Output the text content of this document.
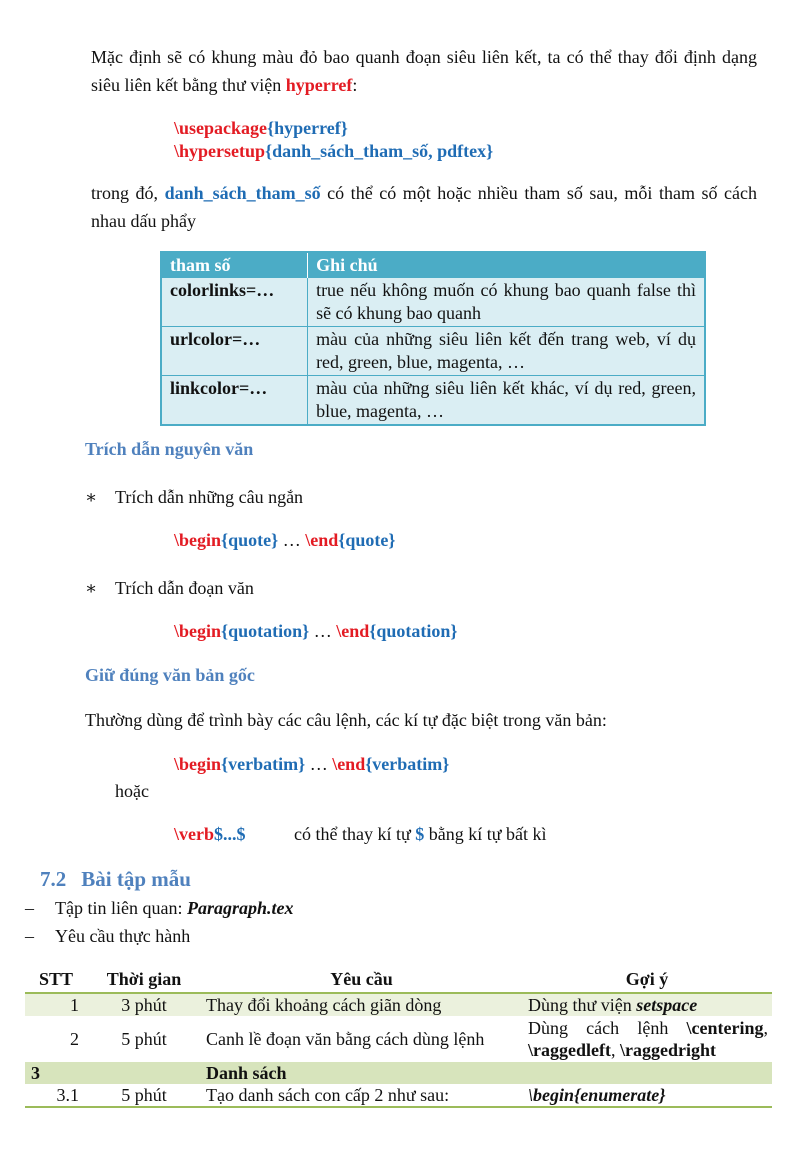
Mặc định sẽ có khung màu đỏ bao quanh đoạn siêu liên kết, ta có thể thay đổi định dạng siêu liên kết bằng thư viện hyperref:
\usepackage{hyperref}
\hypersetup{danh_sách_tham_số, pdftex}
trong đó, danh_sách_tham_số có thể có một hoặc nhiều tham số sau, mỗi tham số cách nhau dấu phẩy
tham số	Ghi chú
colorlinks=…	true nếu không muốn có khung bao quanh false thì sẽ có khung bao quanh
urlcolor=…	màu của những siêu liên kết đến trang web, ví dụ red, green, blue, magenta, …
linkcolor=…	màu của những siêu liên kết khác, ví dụ red, green, blue, magenta, …
Trích dẫn nguyên văn
∗ Trích dẫn những câu ngắn
\begin{quote} … \end{quote}
∗ Trích dẫn đoạn văn
\begin{quotation} … \end{quotation}
Giữ đúng văn bản gốc
Thường dùng để trình bày các câu lệnh, các kí tự đặc biệt trong văn bản:
\begin{verbatim} … \end{verbatim}
hoặc
\verb$...$	có thể thay kí tự $ bằng kí tự bất kì
7.2 Bài tập mẫu
– Tập tin liên quan: Paragraph.tex
– Yêu cầu thực hành
STT	Thời gian	Yêu cầu	Gợi ý
1	3 phút	Thay đổi khoảng cách giãn dòng	Dùng thư viện setspace
2	5 phút	Canh lề đoạn văn bằng cách dùng lệnh	Dùng cách lệnh \centering, \raggedleft, \raggedright
3		Danh sách	
3.1	5 phút	Tạo danh sách con cấp 2 như sau:	\begin{enumerate}
